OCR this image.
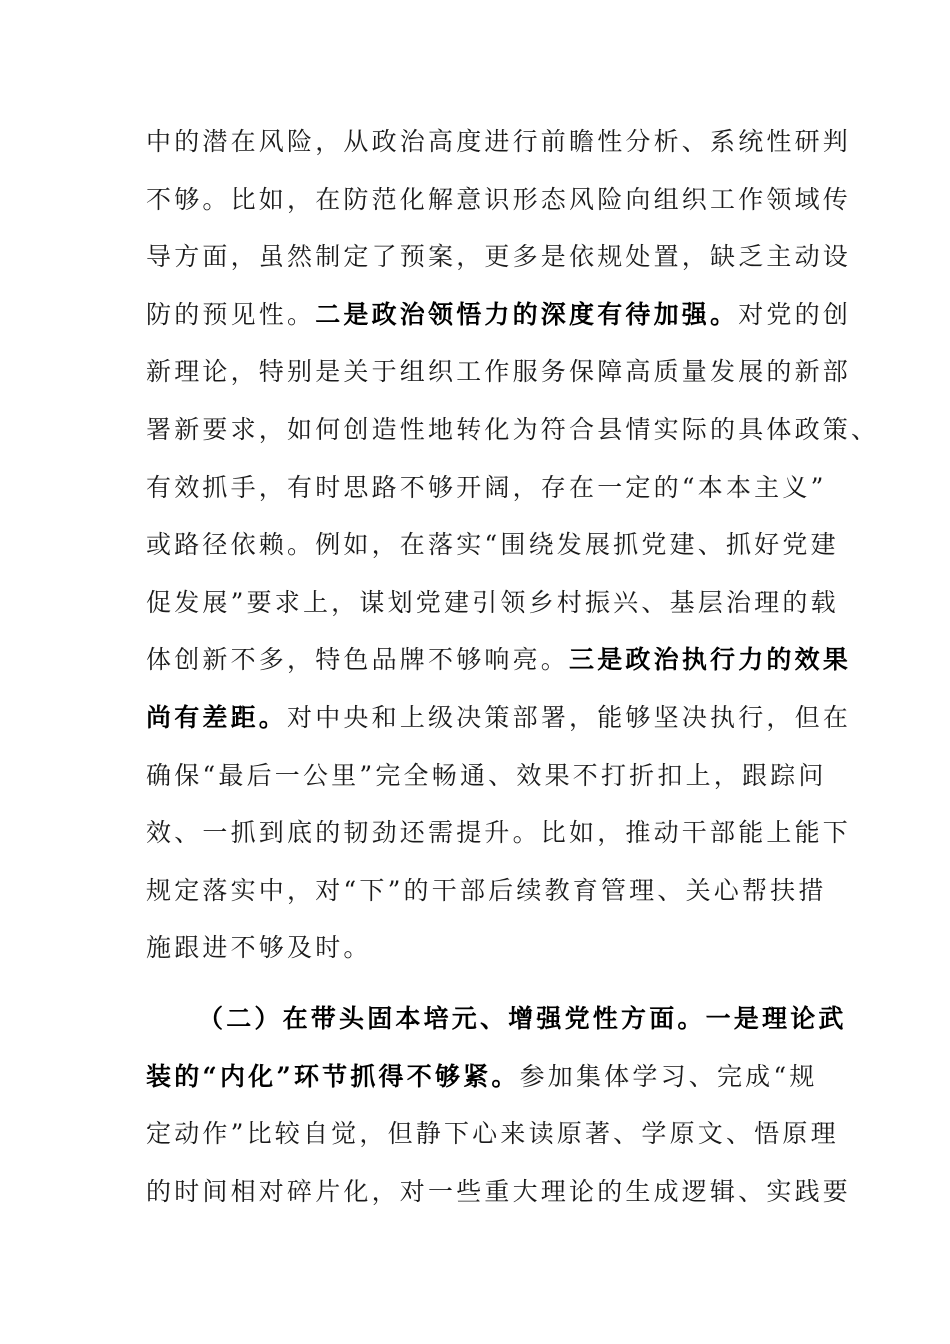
中的潜在风险，从政治高度进行前瞻性分析、系统性研判
不够。比如，在防范化解意识形态风险向组织工作领域传
导方面，虽然制定了预案，更多是依规处置，缺乏主动设
防的预见性。二是政治领悟力的深度有待加强。对党的创
新理论，特别是关于组织工作服务保障高质量发展的新部
署新要求，如何创造性地转化为符合县情实际的具体政策、
有效抓手，有时思路不够开阔，存在一定的“本本主义”
或路径依赖。例如，在落实“围绕发展抓党建、抓好党建
促发展”要求上，谋划党建引领乡村振兴、基层治理的载
体创新不多，特色品牌不够响亮。三是政治执行力的效果
尚有差距。对中央和上级决策部署，能够坚决执行，但在
确保“最后一公里”完全畅通、效果不打折扣上，跟踪问
效、一抓到底的韧劲还需提升。比如，推动干部能上能下
规定落实中，对“下”的干部后续教育管理、关心帮扶措
施跟进不够及时。
（二）在带头固本培元、增强党性方面。一是理论武
装的“内化”环节抓得不够紧。参加集体学习、完成“规
定动作”比较自觉，但静下心来读原著、学原文、悟原理
的时间相对碎片化，对一些重大理论的生成逻辑、实践要
